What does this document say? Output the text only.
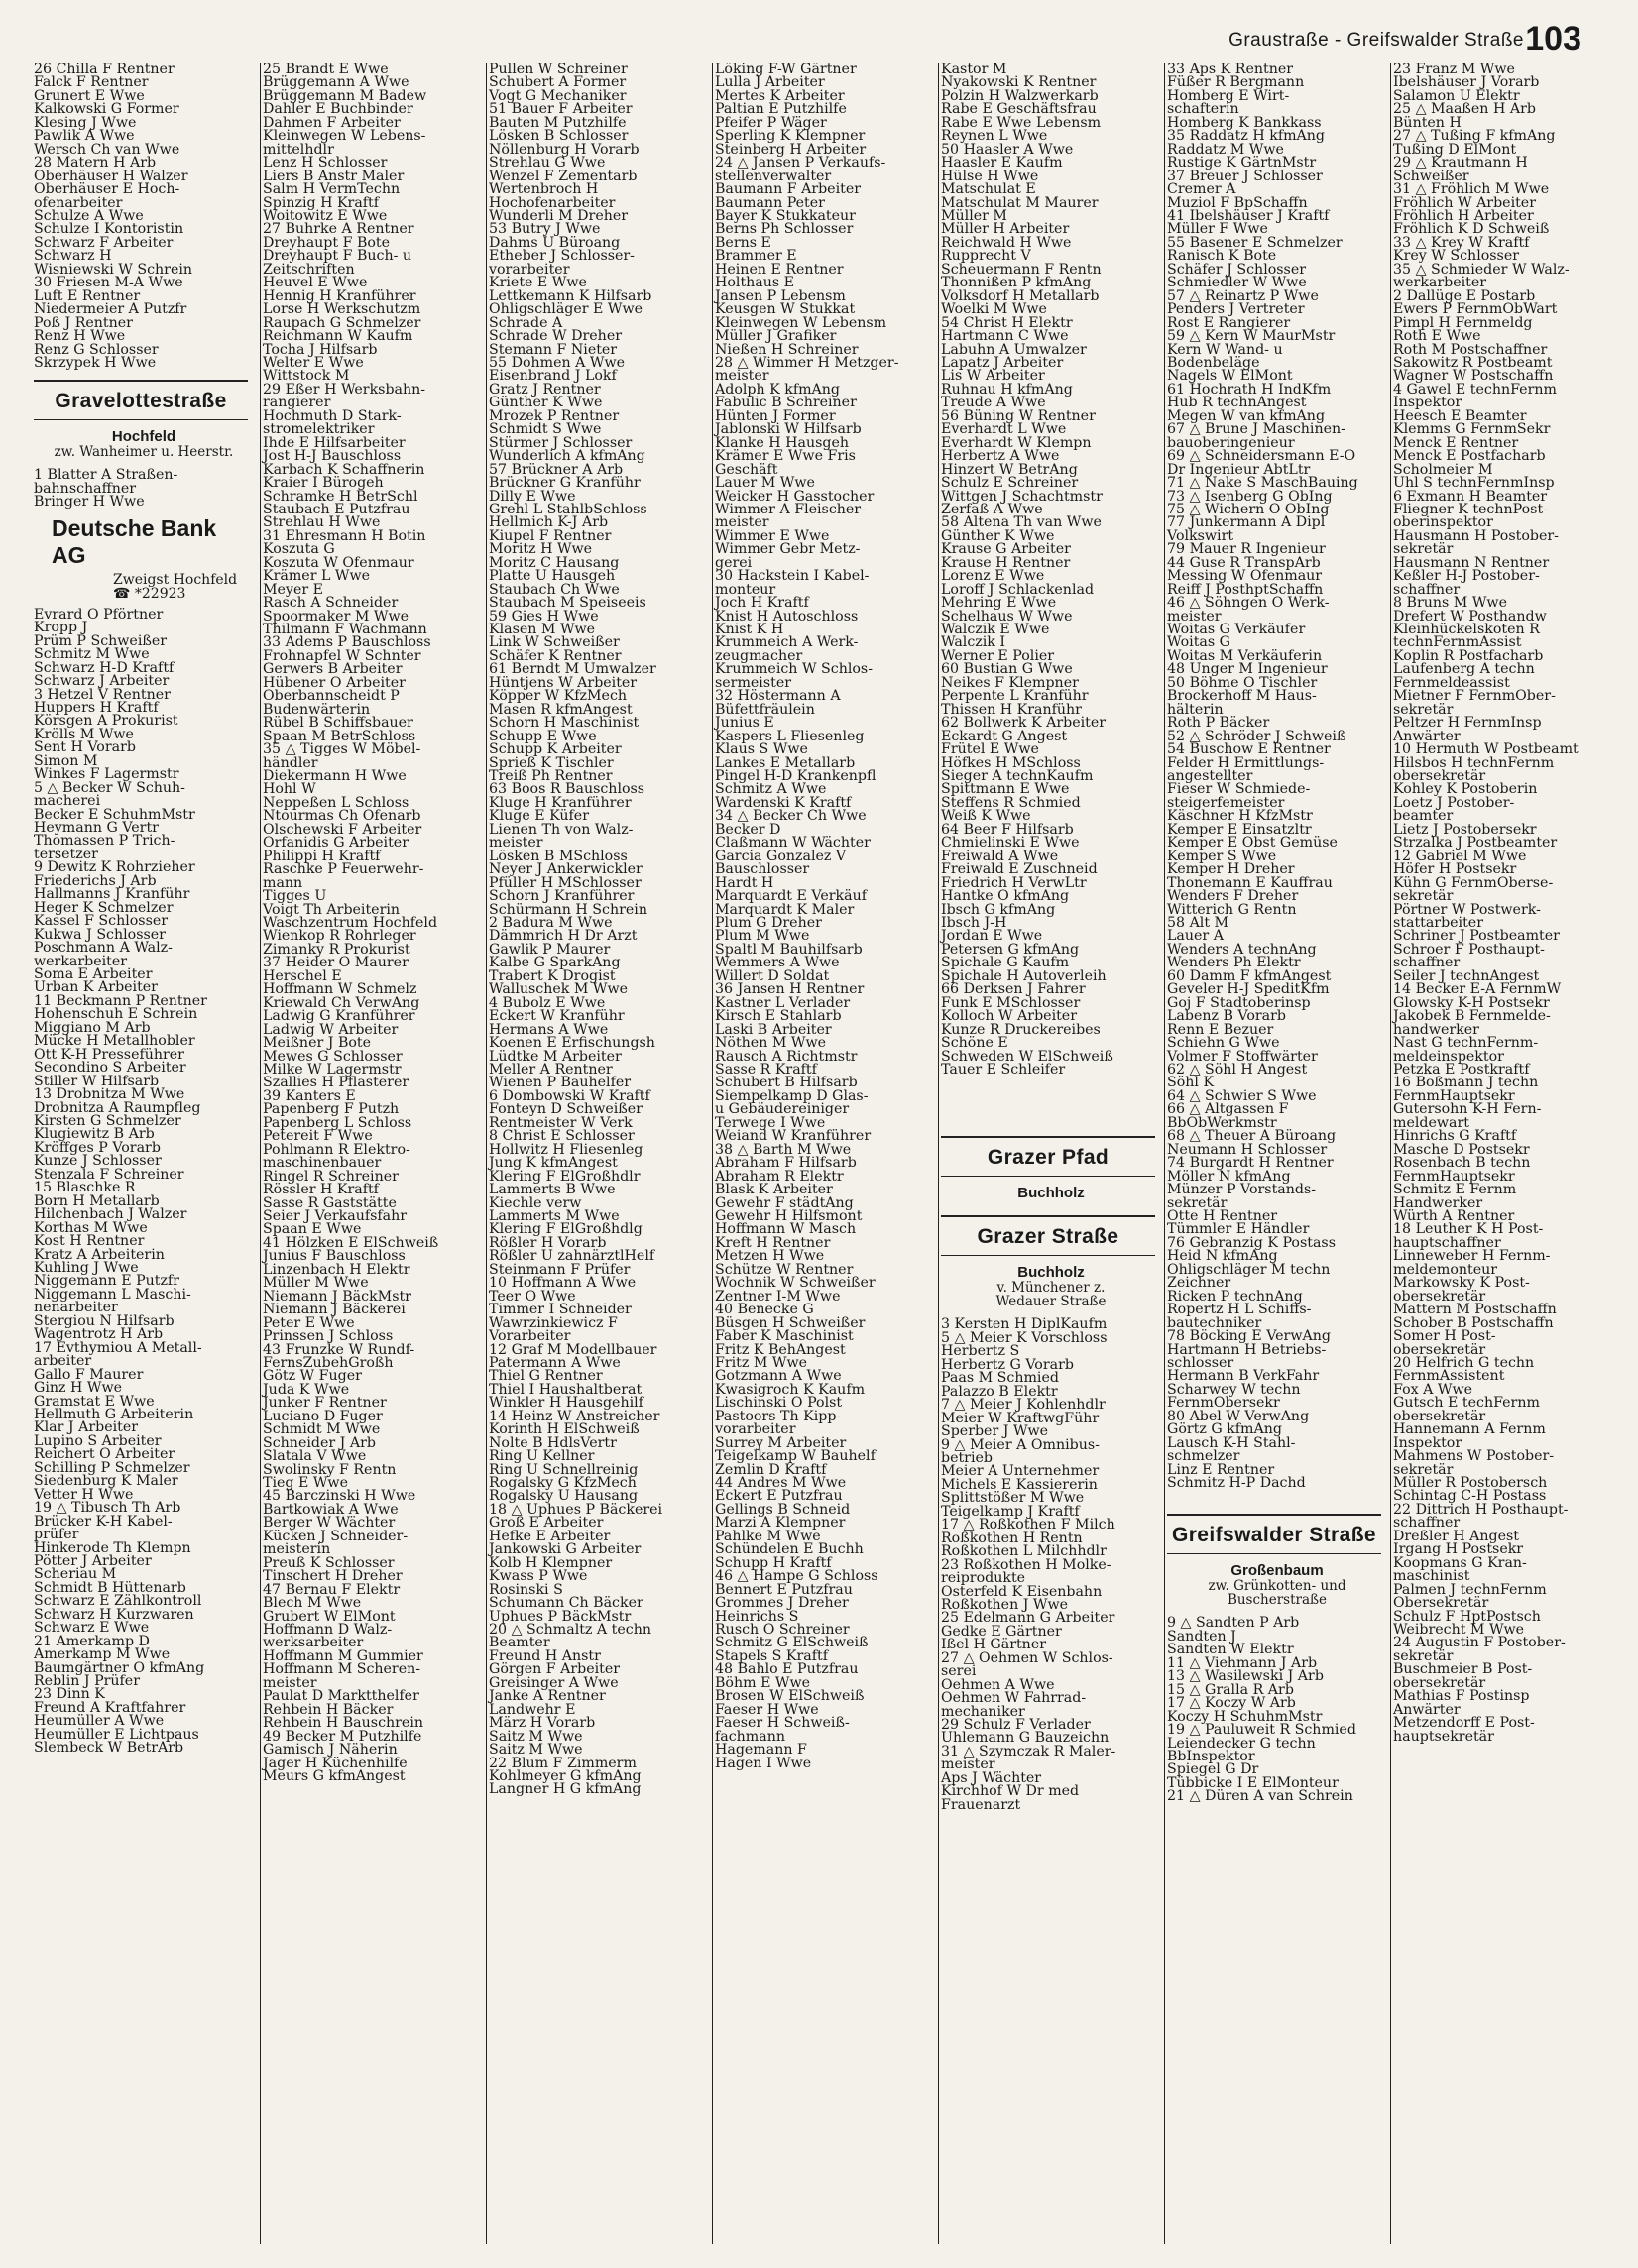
Graustraße - Greifswalder Straße 103
26 Chilla F Rentner
Falck F Rentner
Grunert E Wwe
Kalkowski G Former
Klesing J Wwe
Pawlik A Wwe
Wersch Ch van Wwe
28 Matern H Arb
Oberhäuser H Walzer
Oberhäuser E Hoch-
ofenarbeiter
Schulze A Wwe
Schulze I Kontoristin
Schwarz F Arbeiter
Schwarz H
Wisniewski W Schrein
30 Friesen M-A Wwe
Luft E Rentner
Niedermeier A Putzfr
Poß J Rentner
Renz H Wwe
Renz G Schlosser
Skrzypek H Wwe
Gravelottestraße
Hochfeld
zw. Wanheimer u. Heerstr.
1 Blatter A Straßen-
bahnschaffner
Bringer H Wwe
Deutsche Bank AG
Zweigst Hochfeld
☎ *22923
Evrard O Pförtner
Kropp J
Prüm P Schweißer
Schmitz M Wwe
Schwarz H-D Kraftf
Schwarz J Arbeiter
3 Hetzel V Rentner
Huppers H Kraftf
Körsgen A Prokurist
Krölls M Wwe
Sent H Vorarb
Simon M
Winkes F Lagermstr
5 △ Becker W Schuh-
macherei
Becker E SchuhmMstr
Heymann G Vertr
Thomassen P Trich-
tersetzer
9 Dewitz K Rohrzieher
Friederichs J Arb
Hallmanns J Kranführ
Heger K Schmelzer
Kassel F Schlosser
Kukwa J Schlosser
Poschmann A Walz-
werkarbeiter
Soma E Arbeiter
Urban K Arbeiter
11 Beckmann P Rentner
Hohenschuh E Schrein
Miggiano M Arb
Mücke H Metallhobler
Ott K-H Presseführer
Secondino S Arbeiter
Stiller W Hilfsarb
13 Drobnitza M Wwe
Drobnitza A Raumpfleg
Kirsten G Schmelzer
Klugiewitz B Arb
Kröffges P Vorarb
Kunze J Schlosser
Stenzala F Schreiner
15 Blaschke R
Born H Metallarb
Hilchenbach J Walzer
Korthas M Wwe
Kost H Rentner
Kratz A Arbeiterin
Kuhling J Wwe
Niggemann E Putzfr
Niggemann L Maschi-
nenarbeiter
Stergiou N Hilfsarb
Wagentrotz H Arb
17 Evthymiou A Metall-
arbeiter
Gallo F Maurer
Ginz H Wwe
Gramstat E Wwe
Hellmuth G Arbeiterin
Klar J Arbeiter
Lupino S Arbeiter
Reichert O Arbeiter
Schilling P Schmelzer
Siedenburg K Maler
Vetter H Wwe
19 △ Tibusch Th Arb
Brücker K-H Kabel-
prüfer
Hinkerode Th Klempn
Pötter J Arbeiter
Scheriau M
Schmidt B Hüttenarb
Schwarz E Zählkontroll
Schwarz H Kurzwaren
Schwarz E Wwe
21 Amerkamp D
Amerkamp M Wwe
Baumgärtner O kfmAng
Reblin J Prüfer
23 Dinn K
Freund A Kraftfahrer
Heumüller A Wwe
Heumüller E Lichtpaus
Slembeck W BetrArb
25 Brandt E Wwe
Brüggemann A Wwe
Brüggemann M Badew
Dahler E Buchbinder
Dahmen F Arbeiter
Kleinwegen W Lebens-
mittelhdlr
Lenz H Schlosser
Liers B Anstr Maler
Salm H VermTechn
Spinzig H Kraftf
Woitowitz E Wwe
27 Buhrke A Rentner
Dreyhaupt F Bote
Dreyhaupt F Buch- u
Zeitschriften
Heuvel E Wwe
Hennig H Kranführer
Lorse H Werkschutzm
Raupach G Schmelzer
Reichmann W Kaufm
Tocha J Hilfsarb
Welter E Wwe
Wittstock M
29 Eßer H Werksbahn-
rangierer
Hochmuth D Stark-
stromelektriker
Ihde E Hilfsarbeiter
Jost H-J Bauschloss
Karbach K Schaffnerin
Kraier I Bürogeh
Schramke H BetrSchl
Staubach E Putzfrau
Strehlau H Wwe
31 Ehresmann H Botin
Koszuta G
Koszuta W Ofenmaur
Krämer L Wwe
Meyer E
Rasch A Schneider
Spoormaker M Wwe
Thilmann F Wachmann
33 Adems P Bauschloss
Frohnapfel W Schnter
Gerwers B Arbeiter
Hübener O Arbeiter
Oberbannscheidt P
Budenwärterin
Rübel B Schiffsbauer
Spaan M BetrSchloss
35 △ Tigges W Möbel-
händler
Diekermann H Wwe
Hohl W
Neppeßen L Schloss
Ntourmas Ch Ofenarb
Olschewski F Arbeiter
Orfanidis G Arbeiter
Philippi H Kraftf
Raschke P Feuerwehr-
mann
Tigges U
Voigt Th Arbeiterin
Waschzentrum Hochfeld
Wienkop R Rohrleger
Zimanky R Prokurist
37 Heider O Maurer
Herschel E
Hoffmann W Schmelz
Kriewald Ch VerwAng
Ladwig G Kranführer
Ladwig W Arbeiter
Meißner J Bote
Mewes G Schlosser
Milke W Lagermstr
Szallies H Pflasterer
39 Kanters E
Papenberg F Putzh
Papenberg L Schloss
Petereit F Wwe
Pohlmann R Elektro-
maschinenbauer
Ringel R Schreiner
Rössler H Kraftf
Sasse R Gaststätte
Seier J Verkaufsfahr
Spaan E Wwe
41 Hölzken E ElSchweiß
Junius F Bauschloss
Linzenbach H Elektr
Müller M Wwe
Niemann J BäckMstr
Niemann J Bäckerei
Peter E Wwe
Prinssen J Schloss
43 Frunzke W Rundf-
FernsZubehGroßh
Götz W Fuger
Juda K Wwe
Junker F Rentner
Luciano D Fuger
Schmidt M Wwe
Schneider J Arb
Slatala V Wwe
Swolinsky F Rentn
Tieg E Wwe
45 Barczinski H Wwe
Bartkowiak A Wwe
Berger W Wächter
Kücken J Schneider-
meisterin
Preuß K Schlosser
Tinschert H Dreher
47 Bernau F Elektr
Blech M Wwe
Grubert W ElMont
Hoffmann D Walz-
werksarbeiter
Hoffmann M Gummier
Hoffmann M Scheren-
meister
Paulat D Marktthelfer
Rehbein H Bäcker
Rehbein H Bauschrein
49 Becker M Putzhilfe
Gamisch J Näherin
Jager H Küchenhilfe
Meurs G kfmAngest
Pullen W Schreiner
Schubert A Former
Vogt G Mechaniker
51 Bauer F Arbeiter
Bauten M Putzhilfe
Lösken B Schlosser
Nöllenburg H Vorarb
Strehlau G Wwe
Wenzel F Zementarb
Wertenbroch H
Hochofenarbeiter
Wunderli M Dreher
53 Butry J Wwe
Dahms U Büroang
Etheber J Schlosser-
vorarbeiter
Kriete E Wwe
Lettkemann K Hilfsarb
Ohligschläger E Wwe
Schrade A
Schrade W Dreher
Stemann F Nieter
55 Dohmen A Wwe
Eisenbrand J Lokf
Gratz J Rentner
Günther K Wwe
Mrozek P Rentner
Schmidt S Wwe
Stürmer J Schlosser
Wunderlich A kfmAng
57 Brückner A Arb
Brückner G Kranführ
Dilly E Wwe
Grehl L StahlbSchloss
Hellmich K-J Arb
Kiupel F Rentner
Moritz H Wwe
Moritz C Hausang
Platte U Hausgeh
Staubach Ch Wwe
Staubach M Speiseeis
59 Gies H Wwe
Klasen M Wwe
Link W Schweißer
Schäfer K Rentner
61 Berndt M Umwalzer
Hüntjens W Arbeiter
Köpper W KfzMech
Masen R kfmAngest
Schorn H Maschinist
Schupp E Wwe
Schupp K Arbeiter
Sprieß K Tischler
Treiß Ph Rentner
63 Boos R Bauschloss
Kluge H Kranführer
Kluge E Küfer
Lienen Th von Walz-
meister
Lösken B MSchloss
Neyer J Ankerwickler
Pfüller H MSchlosser
Schorn J Kranführer
Schürmann H Schrein
2 Badura M Wwe
Dämmrich H Dr Arzt
Gawlik P Maurer
Kalbe G SparkAng
Trabert K Drogist
Walluschek M Wwe
4 Bubolz E Wwe
Eckert W Kranführ
Hermans A Wwe
Koenen E Erfischungsh
Lüdtke M Arbeiter
Meller A Rentner
Wienen P Bauhelfer
6 Dombowski W Kraftf
Fonteyn D Schweißer
Rentmeister W Verk
8 Christ E Schlosser
Hollwitz H Fliesenleg
Jung K kfmAngest
Klering F ElGroßhdlr
Lammerts B Wwe
Kiechle verw
Lammerts M Wwe
Klering F ElGroßhdlg
Rößler H Vorarb
Rößler U zahnärztlHelf
Steinmann F Prüfer
10 Hoffmann A Wwe
Teer O Wwe
Timmer I Schneider
Wawrzinkiewicz F
Vorarbeiter
12 Graf M Modellbauer
Patermann A Wwe
Thiel G Rentner
Thiel I Haushaltberat
Winkler H Hausgehilf
14 Heinz W Anstreicher
Korinth H ElSchweiß
Nolte B HdlsVertr
Ring U Kellner
Ring U Schnellreinig
Rogalsky G KfzMech
Rogalsky U Hausang
18 △ Uphues P Bäckerei
Groß E Arbeiter
Hefke E Arbeiter
Jankowski G Arbeiter
Kolb H Klempner
Kwass P Wwe
Rosinski S
Schumann Ch Bäcker
Uphues P BäckMstr
20 △ Schmaltz A techn
Beamter
Freund H Anstr
Görgen F Arbeiter
Greisinger A Wwe
Janke A Rentner
Landwehr E
März H Vorarb
Saitz M Wwe
Saitz M Wwe
22 Blum F Zimmerm
Kohlmeyer G kfmAng
Langner H G kfmAng
Löking F-W Gärtner
Lulla J Arbeiter
Mertes K Arbeiter
Paltian E Putzhilfe
Pfeifer P Wäger
Sperling K Klempner
Steinberg H Arbeiter
24 △ Jansen P Verkaufs-
stellenverwalter
Baumann F Arbeiter
Baumann Peter
Bayer K Stukkateur
Berns Ph Schlosser
Berns E
Brammer E
Heinen E Rentner
Holthaus E
Jansen P Lebensm
Keusgen W Stukkat
Kleinwegen W Lebensm
Müller J Grafiker
Nießen H Schreiner
28 △ Wimmer H Metzger-
meister
Adolph K kfmAng
Fabulic B Schreiner
Hünten J Former
Jablonski W Hilfsarb
Klanke H Hausgeh
Krämer E Wwe Fris
Geschäft
Lauer M Wwe
Weicker H Gasstocher
Wimmer A Fleischer-
meister
Wimmer E Wwe
Wimmer Gebr Metz-
gerei
30 Hackstein I Kabel-
monteur
Joch H Kraftf
Knist H Autoschloss
Knist K H
Krummeich A Werk-
zeugmacher
Krummeich W Schlos-
sermeister
32 Höstermann A
Büfettfräulein
Junius E
Kaspers L Fliesenleg
Klaus S Wwe
Lankes E Metallarb
Pingel H-D Krankenpfl
Schmitz A Wwe
Wardenski K Kraftf
34 △ Becker Ch Wwe
Becker D
Claßmann W Wächter
Garcia Gonzalez V
Bauschlosser
Hardt H
Marquardt E Verkäuf
Marquardt K Maler
Plum G Dreher
Plum M Wwe
Spaltl M Bauhilfsarb
Wemmers A Wwe
Willert D Soldat
36 Jansen H Rentner
Kastner L Verlader
Kirsch E Stahlarb
Laski B Arbeiter
Nöthen M Wwe
Rausch A Richtmstr
Sasse R Kraftf
Schubert B Hilfsarb
Siempelkamp D Glas-
u Gebäudereiniger
Terwege I Wwe
Weiand W Kranführer
38 △ Barth M Wwe
Abraham F Hilfsarb
Abraham R Elektr
Blask K Arbeiter
Gewehr F städtAng
Gewehr H Hilfsmont
Hoffmann W Masch
Kreft H Rentner
Metzen H Wwe
Schütze W Rentner
Wochnik W Schweißer
Zentner I-M Wwe
40 Benecke G
Büsgen H Schweißer
Faber K Maschinist
Fritz K BehAngest
Fritz M Wwe
Gotzmann A Wwe
Kwasigroch K Kaufm
Lischinski O Polst
Pastoors Th Kipp-
vorarbeiter
Surrey M Arbeiter
Teigelkamp W Bauhelf
Zemlin D Kraftf
44 Andres M Wwe
Eckert E Putzfrau
Gellings B Schneid
Marzi A Klempner
Pahlke M Wwe
Schündelen E Buchh
Schupp H Kraftf
46 △ Hampe G Schloss
Bennert E Putzfrau
Grommes J Dreher
Heinrichs S
Rusch O Schreiner
Schmitz G ElSchweiß
Stapels S Kraftf
48 Bahlo E Putzfrau
Böhm E Wwe
Brosen W ElSchweiß
Faeser H Wwe
Faeser H Schweiß-
fachmann
Hagemann F
Hagen I Wwe
Kastor M
Nyakowski K Rentner
Polzin H Walzwerkarb
Rabe E Geschäftsfrau
Rabe E Wwe Lebensm
Reynen L Wwe
50 Haasler A Wwe
Haasler E Kaufm
Hülse H Wwe
Matschulat E
Matschulat M Maurer
Müller M
Müller H Arbeiter
Reichwald H Wwe
Rupprecht V
Scheuermann F Rentn
Thonnißen P kfmAng
Volksdorf H Metallarb
Woelki M Wwe
54 Christ H Elektr
Hartmann C Wwe
Labuhn A Umwalzer
Lapatz J Arbeiter
Lis W Arbeiter
Ruhnau H kfmAng
Treude A Wwe
56 Büning W Rentner
Everhardt L Wwe
Everhardt W Klempn
Herbertz A Wwe
Hinzert W BetrAng
Schulz E Schreiner
Wittgen J Schachtmstr
Zerfaß A Wwe
58 Altena Th van Wwe
Günther K Wwe
Krause G Arbeiter
Krause H Rentner
Lorenz E Wwe
Loroff J Schlackenlad
Mehring E Wwe
Schelhaus W Wwe
Walczik E Wwe
Walczik I
Werner E Polier
60 Bustian G Wwe
Neikes F Klempner
Perpente L Kranführ
Thissen H Kranführ
62 Bollwerk K Arbeiter
Eckardt G Angest
Frütel E Wwe
Höfkes H MSchloss
Sieger A technKaufm
Spittmann E Wwe
Steffens R Schmied
Weiß K Wwe
64 Beer F Hilfsarb
Chmielinski E Wwe
Freiwald A Wwe
Freiwald E Zuschneid
Friedrich H VerwLtr
Hantke O kfmAng
Ibsch G kfmAng
Ibsch J-H
Jordan E Wwe
Petersen G kfmAng
Spichale G Kaufm
Spichale H Autoverleih
66 Derksen J Fahrer
Funk E MSchlosser
Kolloch W Arbeiter
Kunze R Druckereibes
Schöne E
Schweden W ElSchweiß
Tauer E Schleifer
Grazer Pfad
Buchholz
Grazer Straße
Buchholz
v. Münchener z. Wedauer Straße
3 Kersten H DiplKaufm
5 △ Meier K Vorschloss
Herbertz S
Herbertz G Vorarb
Paas M Schmied
Palazzo B Elektr
7 △ Meier J Kohlenhdlr
Meier W KraftwgFühr
Sperber J Wwe
9 △ Meier A Omnibus-
betrieb
Meier A Unternehmer
Michels E Kassiererin
Splittstößer M Wwe
Teigelkamp J Kraftf
17 △ Roßkothen F Milch
Roßkothen H Rentn
Roßkothen L Milchhdlr
23 Roßkothen H Molke-
reiprodukte
Osterfeld K Eisenbahn
Roßkothen J Wwe
25 Edelmann G Arbeiter
Gedke E Gärtner
Ißel H Gärtner
27 △ Oehmen W Schlos-
serei
Oehmen A Wwe
Oehmen W Fahrrad-
mechaniker
29 Schulz F Verlader
Uhlemann G Bauzeichn
31 △ Szymczak R Maler-
meister
Aps J Wächter
Kirchhof W Dr med
Frauenarzt
33 Aps K Rentner
Füßer R Bergmann
Homberg E Wirt-
schafterin
Homberg K Bankkass
35 Raddatz H kfmAng
Raddatz M Wwe
Rustige K GärtnMstr
37 Breuer J Schlosser
Cremer A
Muziol F BpSchaffn
41 Ibelshäuser J Kraftf
Müller F Wwe
55 Basener E Schmelzer
Ranisch K Bote
Schäfer J Schlosser
Schmiedler W Wwe
57 △ Reinartz P Wwe
Penders J Vertreter
Rost E Rangierer
59 △ Kern W MaurMstr
Kern W Wand- u
Bodenbeläge
Nagels W ElMont
61 Hochrath H IndKfm
Hub R technAngest
Megen W van kfmAng
67 △ Brune J Maschinen-
bauoberingenieur
69 △ Schneidersmann E-O
Dr Ingenieur AbtLtr
71 △ Nake S MaschBauing
73 △ Isenberg G ObIng
75 △ Wichern O ObIng
77 Junkermann A Dipl
Volkswirt
79 Mauer R Ingenieur
44 Guse R TranspArb
Messing W Ofenmaur
Reiff J PosthptSchaffn
46 △ Söhngen O Werk-
meister
Woitas G Verkäufer
Woitas G
Woitas M Verkäuferin
48 Unger M Ingenieur
50 Böhme O Tischler
Brockerhoff M Haus-
hälterin
Roth P Bäcker
52 △ Schröder J Schweiß
54 Buschow E Rentner
Felder H Ermittlungs-
angestellter
Fieser W Schmiede-
steigerfemeister
Käschner H KfzMstr
Kemper E Einsatzltr
Kemper E Obst Gemüse
Kemper S Wwe
Kemper H Dreher
Thonemann E Kauffrau
Wenders F Dreher
Witterich G Rentn
58 Alt M
Lauer A
Wenders A technAng
Wenders Ph Elektr
60 Damm F kfmAngest
Geveler H-J SpeditKfm
Goj F Stadtoberinsp
Labenz B Vorarb
Renn E Bezuer
Schiehn G Wwe
Volmer F Stoffwärter
62 △ Söhl H Angest
Söhl K
64 △ Schwier S Wwe
66 △ Altgassen F
BbObWerkmstr
68 △ Theuer A Büroang
Neumann H Schlosser
74 Burgardt H Rentner
Möller N kfmAng
Münzer P Vorstands-
sekretär
Otte H Rentner
Tümmler E Händler
76 Gebranzig K Postass
Heid N kfmAng
Ohligschläger M techn
Zeichner
Ricken P technAng
Ropertz H L Schiffs-
bautechniker
78 Böcking E VerwAng
Hartmann H Betriebs-
schlosser
Hermann B VerkFahr
Scharwey W techn
FernmObersekr
80 Abel W VerwAng
Görtz G kfmAng
Lausch K-H Stahl-
schmelzer
Linz E Rentner
Schmitz H-P Dachd
Greifswalder Straße
Großenbaum
zw. Grünkotten- und Buscherstraße
9 △ Sandten P Arb
Sandten J
Sandten W Elektr
11 △ Viehmann J Arb
13 △ Wasilewski J Arb
15 △ Gralla R Arb
17 △ Koczy W Arb
Koczy H SchuhmMstr
19 △ Pauluweit R Schmied
Leiendecker G techn
BbInspektor
Spiegel G Dr
Tübbicke I E ElMonteur
21 △ Düren A van Schrein
23 Franz M Wwe
Ibelshäuser J Vorarb
Salamon U Elektr
25 △ Maaßen H Arb
Bünten H
27 △ Tußing F kfmAng
Tußing D ElMont
29 △ Krautmann H
Schweißer
31 △ Fröhlich M Wwe
Fröhlich W Arbeiter
Fröhlich H Arbeiter
Fröhlich K D Schweiß
33 △ Krey W Kraftf
Krey W Schlosser
35 △ Schmieder W Walz-
werkarbeiter
2 Dallüge E Postarb
Ewers P FernmObWart
Pimpl H Fernmeldg
Roth E Wwe
Roth M Postschaffner
Sakowitz R Postbeamt
Wagner W Postschaffn
4 Gawel E technFernm
Inspektor
Heesch E Beamter
Klemms G FernmSekr
Menck E Rentner
Menck E Postfacharb
Scholmeier M
Uhl S technFernmInsp
6 Exmann H Beamter
Fliegner K technPost-
oberinspektor
Hausmann H Postober-
sekretär
Hausmann N Rentner
Keßler H-J Postober-
schaffner
8 Bruns M Wwe
Drefert W Posthandw
Kleinhückelskoten R
technFernmAssist
Koplin R Postfacharb
Laufenberg A techn
Fernmeldeassist
Mietner F FernmOber-
sekretär
Peltzer H FernmInsp
Anwärter
10 Hermuth W Postbeamt
Hilsbos H technFernm
obersekretär
Kohley K Postoberin
Loetz J Postober-
beamter
Lietz J Postobersekr
Strzalka J Postbeamter
12 Gabriel M Wwe
Höfer H Postsekr
Kühn G FernmOberse-
sekretär
Pörtner W Postwerk-
stattarbeiter
Schriner J Postbeamter
Schroer F Posthaupt-
schaffner
Seiler J technAngest
14 Becker E-A FernmW
Glowsky K-H Postsekr
Jakobek B Fernmelde-
handwerker
Nast G technFernm-
meldeinspektor
Petzka E Postkraftf
16 Boßmann J techn
FernmHauptsekr
Gutersohn K-H Fern-
meldewart
Hinrichs G Kraftf
Masche D Postsekr
Rosenbach B techn
FernmHauptsekr
Schmitz E Fernm
Handwerker
Würth A Rentner
18 Leuther K H Post-
hauptschaffner
Linneweber H Fernm-
meldemonteur
Markowsky K Post-
obersekretär
Mattern M Postschaffn
Schober B Postschaffn
Somer H Post-
obersekretär
20 Helfrich G techn
FernmAssistent
Fox A Wwe
Gutsch E techFernm
obersekretär
Hannemann A Fernm
Inspektor
Mahmens W Postober-
sekretär
Müller R Postobersch
Schintag C-H Postass
22 Dittrich H Posthaupt-
schaffner
Dreßler H Angest
Irgang H Postsekr
Koopmans G Kran-
maschinist
Palmen J technFernm
Obersekretär
Schulz F HptPostsch
Weibrecht M Wwe
24 Augustin F Postober-
sekretär
Buschmeier B Post-
obersekretär
Mathias F Postinsp
Anwärter
Metzendorff E Post-
hauptsekretär
